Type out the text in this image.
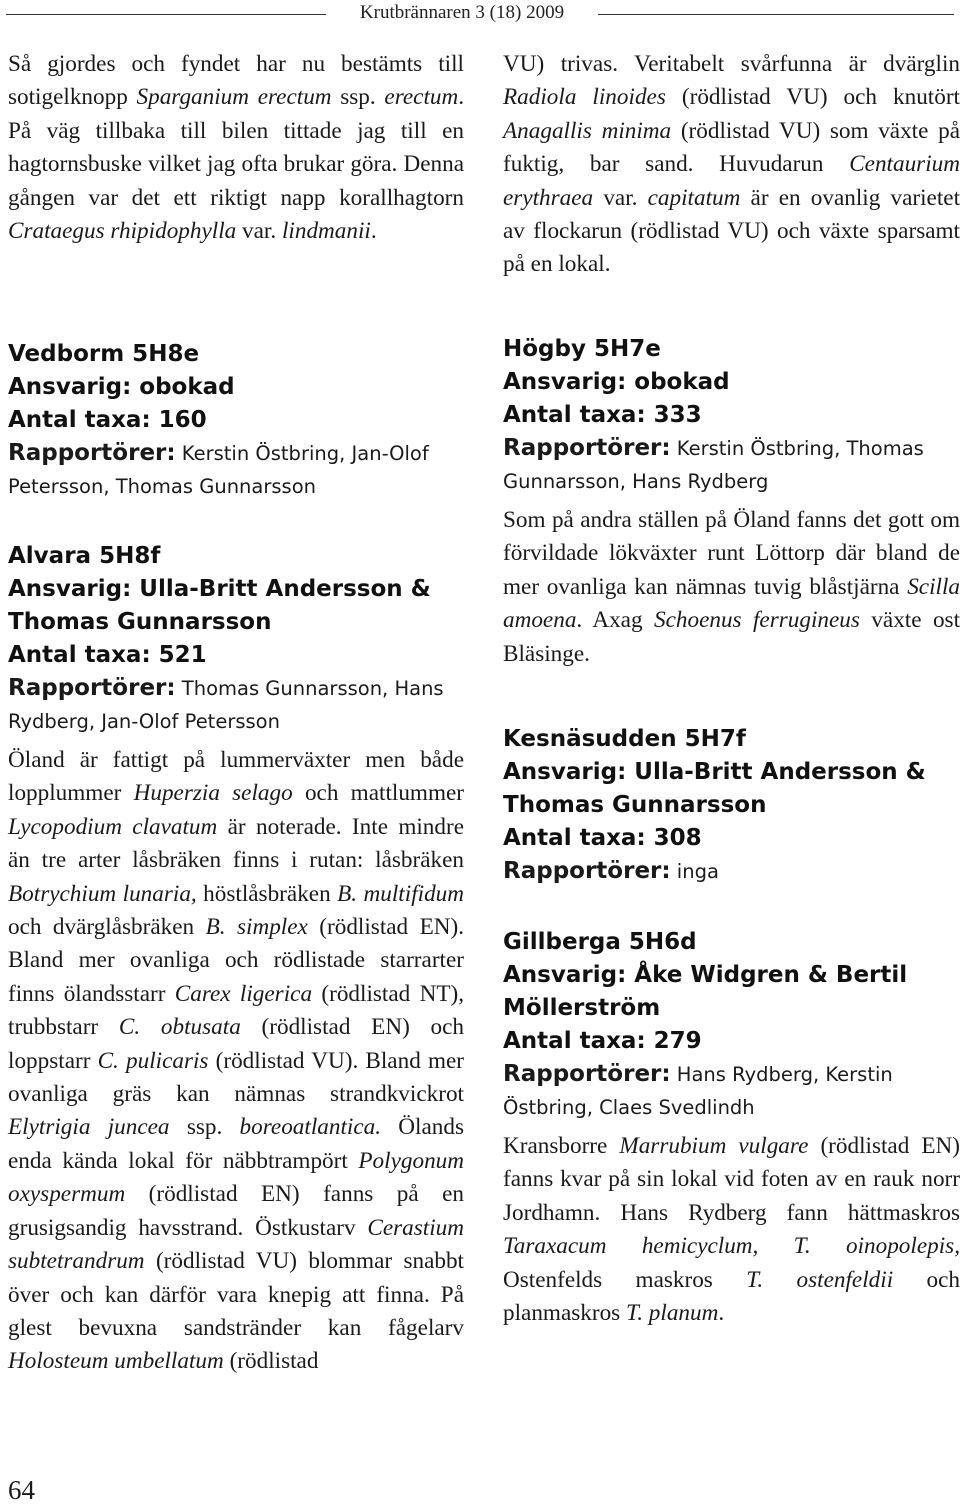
Krutbrännaren 3 (18) 2009

Så gjordes och fyndet har nu bestämts till sotigelknopp Sparganium erectum ssp. erectum. På väg tillbaka till bilen tittade jag till en hagtornsbuske vilket jag ofta brukar göra. Denna gången var det ett riktigt napp korallhagtorn Crataegus rhipidophylla var. lindmanii.

Vedborm 5H8e

Ansvarig: obokad

Antal taxa: 160

Rapportörer: Kerstin Östbring, Jan-Olof Petersson, Thomas Gunnarsson

Alvara 5H8f

Ansvarig: Ulla-Britt Andersson & Thomas Gunnarsson

Antal taxa: 521

Rapportörer: Thomas Gunnarsson, Hans Rydberg, Jan-Olof Petersson

Öland är fattigt på lummerväxter men både lopplummer Huperzia selago och mattlummer Lycopodium clavatum är noterade. Inte mindre än tre arter låsbräken finns i rutan: låsbräken Botrychium lunaria, höstlåsbräken B. multifidum och dvärglåsbräken B. simplex (rödlistad EN). Bland mer ovanliga och rödlistade starrarter finns ölandsstarr Carex ligerica (rödlistad NT), trubbstarr C. obtusata (rödlistad EN) och loppstarr C. pulicaris (rödlistad VU). Bland mer ovanliga gräs kan nämnas strandkvickrot Elytrigia juncea ssp. boreoatlantica. Ölands enda kända lokal för näbbtrampört Polygonum oxyspermum (rödlistad EN) fanns på en grusigsandig havsstrand. Östkustarv Cerastium subtetrandrum (rödlistad VU) blommar snabbt över och kan därför vara knepig att finna. På glest bevuxna sandstränder kan fågelarv Holosteum umbellatum (rödlistad

VU) trivas. Veritabelt svårfunna är dvärglin Radiola linoides (rödlistad VU) och knutört Anagallis minima (rödlistad VU) som växte på fuktig, bar sand. Huvudarun Centaurium erythraea var. capitatum är en ovanlig varietet av flockarun (rödlistad VU) och växte sparsamt på en lokal.

Högby 5H7e

Ansvarig: obokad

Antal taxa: 333

Rapportörer: Kerstin Östbring, Thomas Gunnarsson, Hans Rydberg

Som på andra ställen på Öland fanns det gott om förvildade lökväxter runt Löttorp där bland de mer ovanliga kan nämnas tuvig blåstjärna Scilla amoena. Axag Schoenus ferrugineus växte ost Bläsinge.

Kesnäsudden 5H7f

Ansvarig: Ulla-Britt Andersson & Thomas Gunnarsson

Antal taxa: 308

Rapportörer: inga

Gillberga 5H6d

Ansvarig: Åke Widgren & Bertil Möllerström

Antal taxa: 279

Rapportörer: Hans Rydberg, Kerstin Östbring, Claes Svedlindh

Kransborre Marrubium vulgare (rödlistad EN) fanns kvar på sin lokal vid foten av en rauk norr Jordhamn. Hans Rydberg fann hättmaskros Taraxacum hemicyclum, T. oinopolepis, Ostenfelds maskros T. ostenfeldii och planmaskros T. planum.

64
